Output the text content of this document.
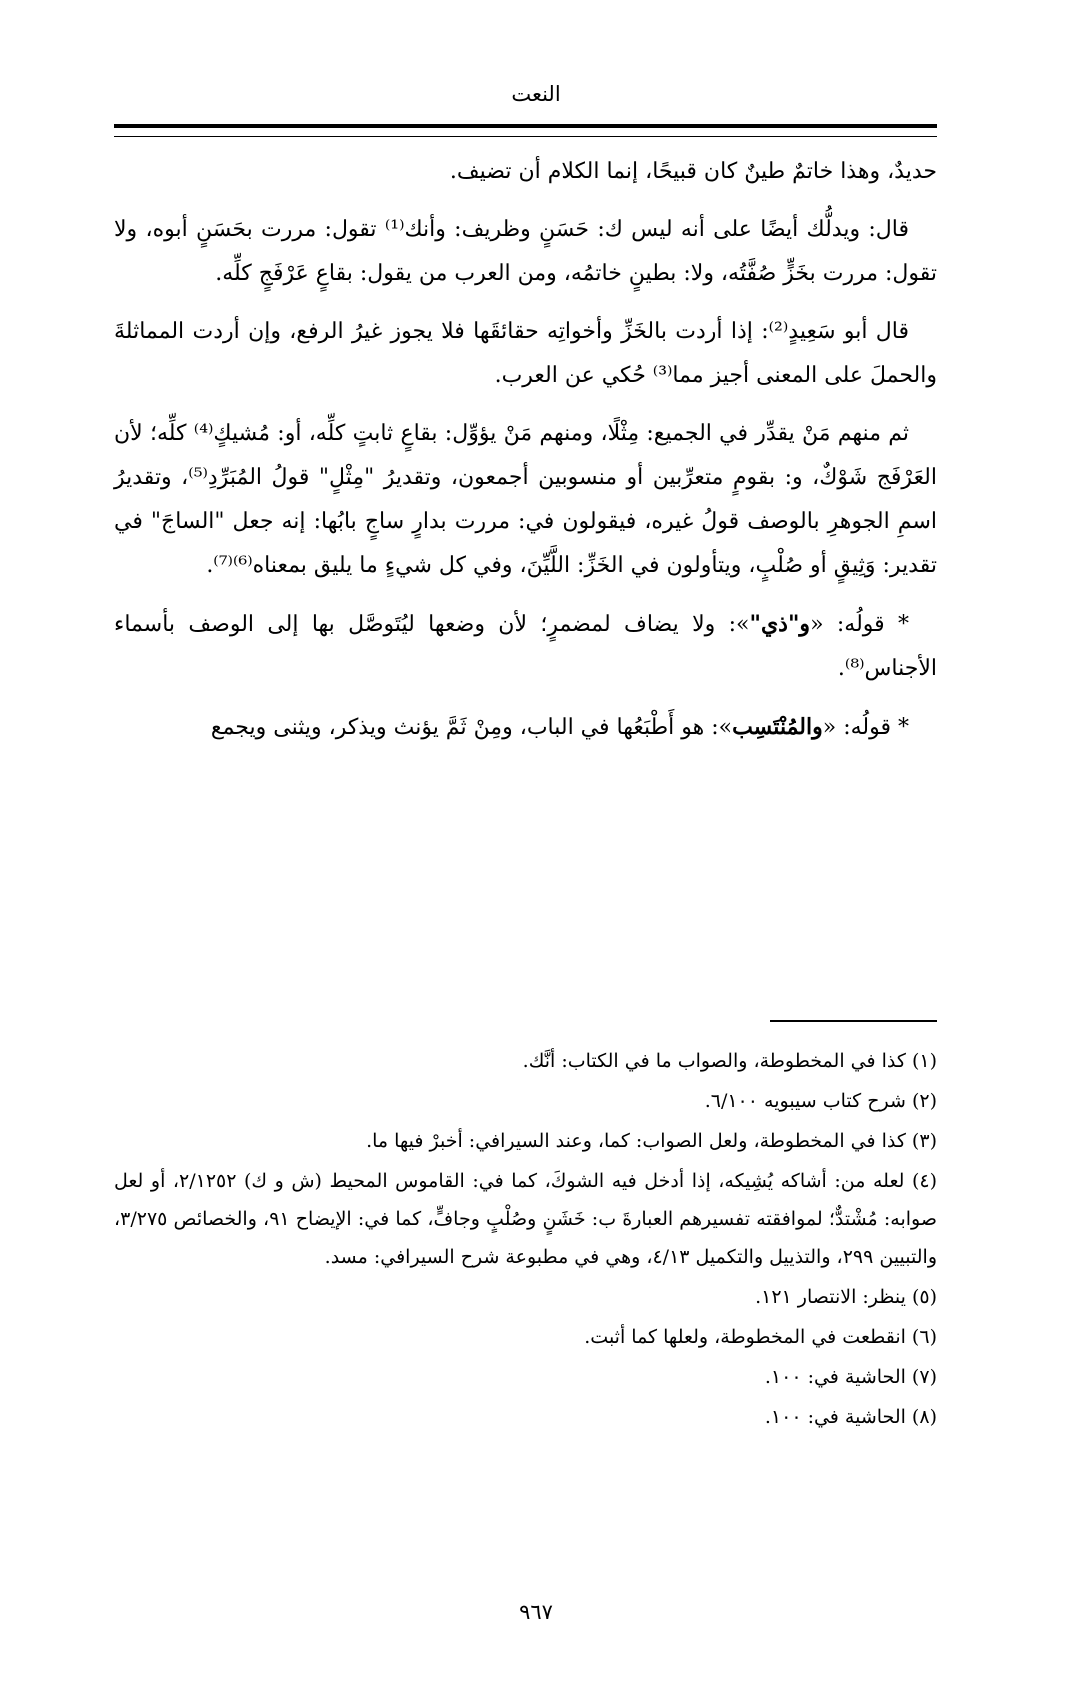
النعت

حديدٌ، وهذا خاتمٌ طينٌ كان قبيحًا، إنما الكلام أن تضيف.

قال: ويدلُّك أيضًا على أنه ليس ك: حَسَنٍ وظريف: وأنك⁽¹⁾ تقول: مررت بحَسَنٍ أبوه، ولا تقول: مررت بخَزٍّ صُفَّتُه، ولا: بطينٍ خاتمُه، ومن العرب من يقول: بقاعٍ عَرْفَجٍ كلِّه.

قال أبو سَعِيدٍ⁽²⁾: إذا أردت بالخَزِّ وأخواتِه حقائقَها فلا يجوز غيرُ الرفع، وإن أردت المماثلةَ والحملَ على المعنى أجيز مما⁽³⁾ حُكي عن العرب.

ثم منهم مَنْ يقدِّر في الجميع: مِثْلًا، ومنهم مَنْ يؤوِّل: بقاعٍ ثابتٍ كلِّه، أو: مُشيكٍ⁽⁴⁾ كلِّه؛ لأن العَرْفَج شَوْكٌ، و: بقومٍ متعرِّبين أو منسوبين أجمعون، وتقديرُ "مِثْلٍ" قولُ المُبَرِّدِ⁽⁵⁾، وتقديرُ اسمِ الجوهرِ بالوصف قولُ غيره، فيقولون في: مررت بدارٍ ساجٍ بابُها: إنه جعل "الساجَ" في تقدير: وَثِيقٍ أو صُلْبٍ، ويتأولون في الخَزِّ: اللَّيِّنَ، وفي كل شيءٍ ما يليق بمعناه⁽⁶⁾⁽⁷⁾.

* قولُه: «و"ذي"»: ولا يضاف لمضمرٍ؛ لأن وضعها ليُتَوصَّل بها إلى الوصف بأسماء الأجناس⁽⁸⁾.

* قولُه: «والمُنْتَسِب»: هو أَطْبَعُها في الباب، ومِنْ ثَمَّ يؤنث ويذكر، ويثنى ويجمع

(١) كذا في المخطوطة، والصواب ما في الكتاب: أنَّك.

(٢) شرح كتاب سيبويه ٦/١٠٠.

(٣) كذا في المخطوطة، ولعل الصواب: كما، وعند السيرافي: أخبرْ فيها ما.

(٤) لعله من: أشاكه يُشِيكه، إذا أدخل فيه الشوكَ، كما في: القاموس المحيط (ش و ك) ٢/١٢٥٢، أو لعل صوابه: مُشْتدٌّ؛ لموافقته تفسيرهم العبارةَ ب: خَشَنٍ وصُلْبٍ وجافٍّ، كما في: الإيضاح ٩١، والخصائص ٣/٢٧٥، والتبيين ٢٩٩، والتذييل والتكميل ٤/١٣، وهي في مطبوعة شرح السيرافي: مسد.

(٥) ينظر: الانتصار ١٢١.

(٦) انقطعت في المخطوطة، ولعلها كما أثبت.

(٧) الحاشية في: ١٠٠.

(٨) الحاشية في: ١٠٠.

٩٦٧
